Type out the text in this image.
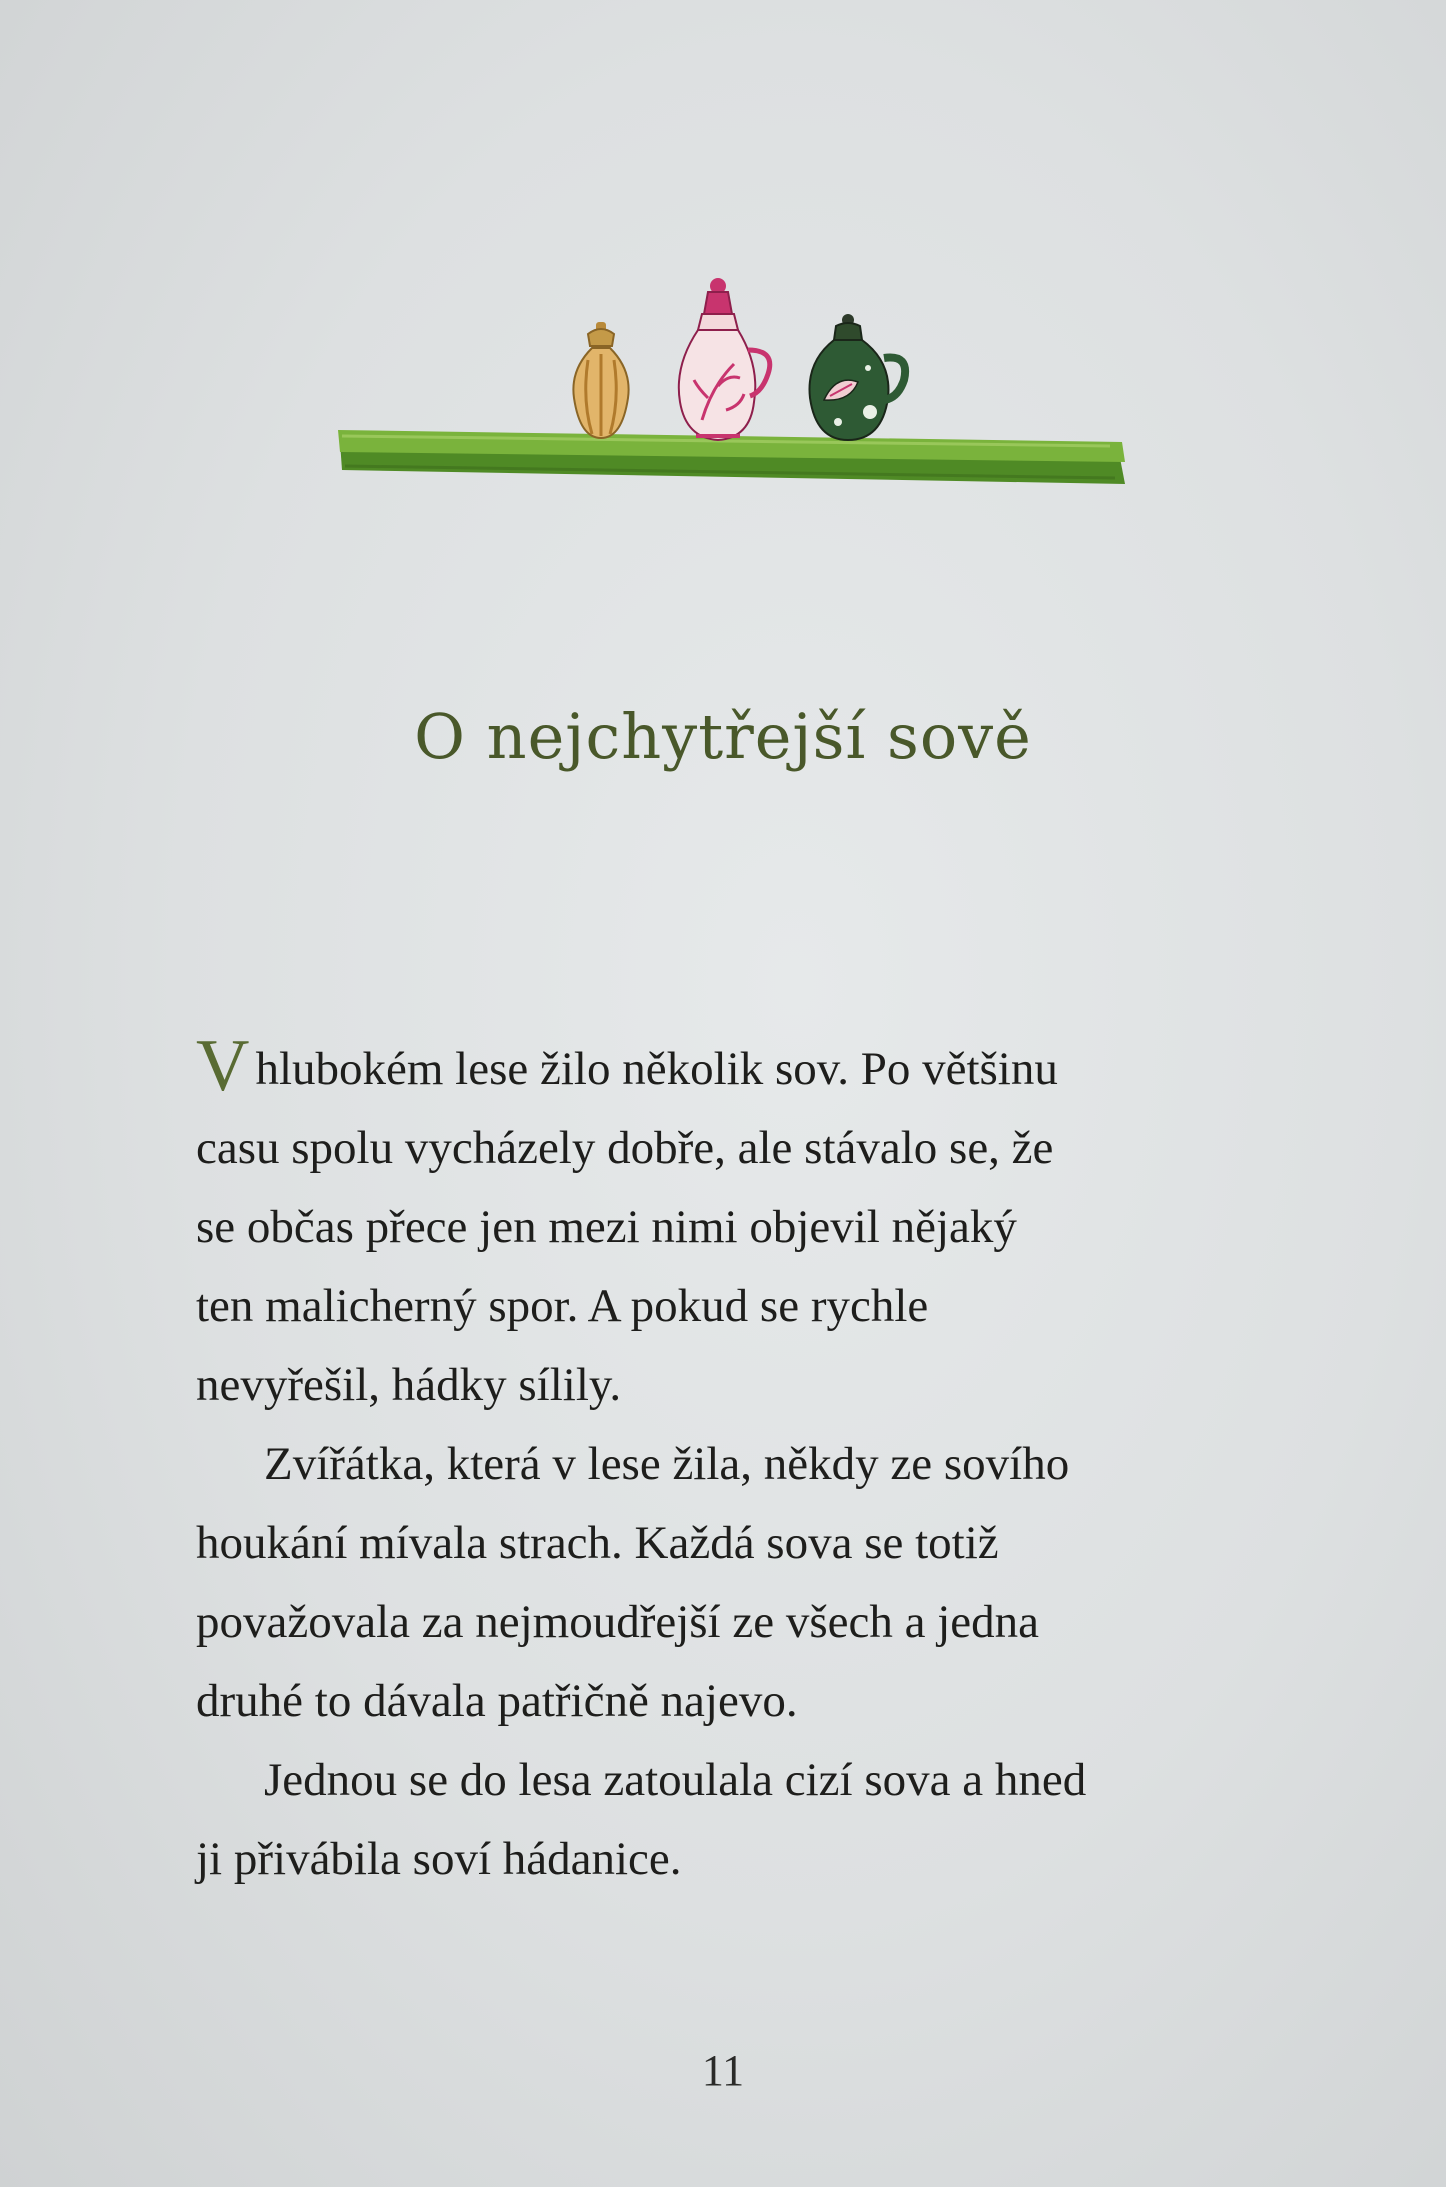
O nejchytřejší sově

Vhlubokém lese žilo několik sov. Po většinu
casu spolu vycházely dobře, ale stávalo se, že
se občas přece jen mezi nimi objevil nějaký
ten malicherný spor. A pokud se rychle
nevyřešil, hádky sílily.

Zvířátka, která v lese žila, někdy ze sovího
houkání mívala strach. Každá sova se totiž
považovala za nejmoudřejší ze všech a jedna
druhé to dávala patřičně najevo.

Jednou se do lesa zatoulala cizí sova a hned
ji přivábila soví hádanice.

11
